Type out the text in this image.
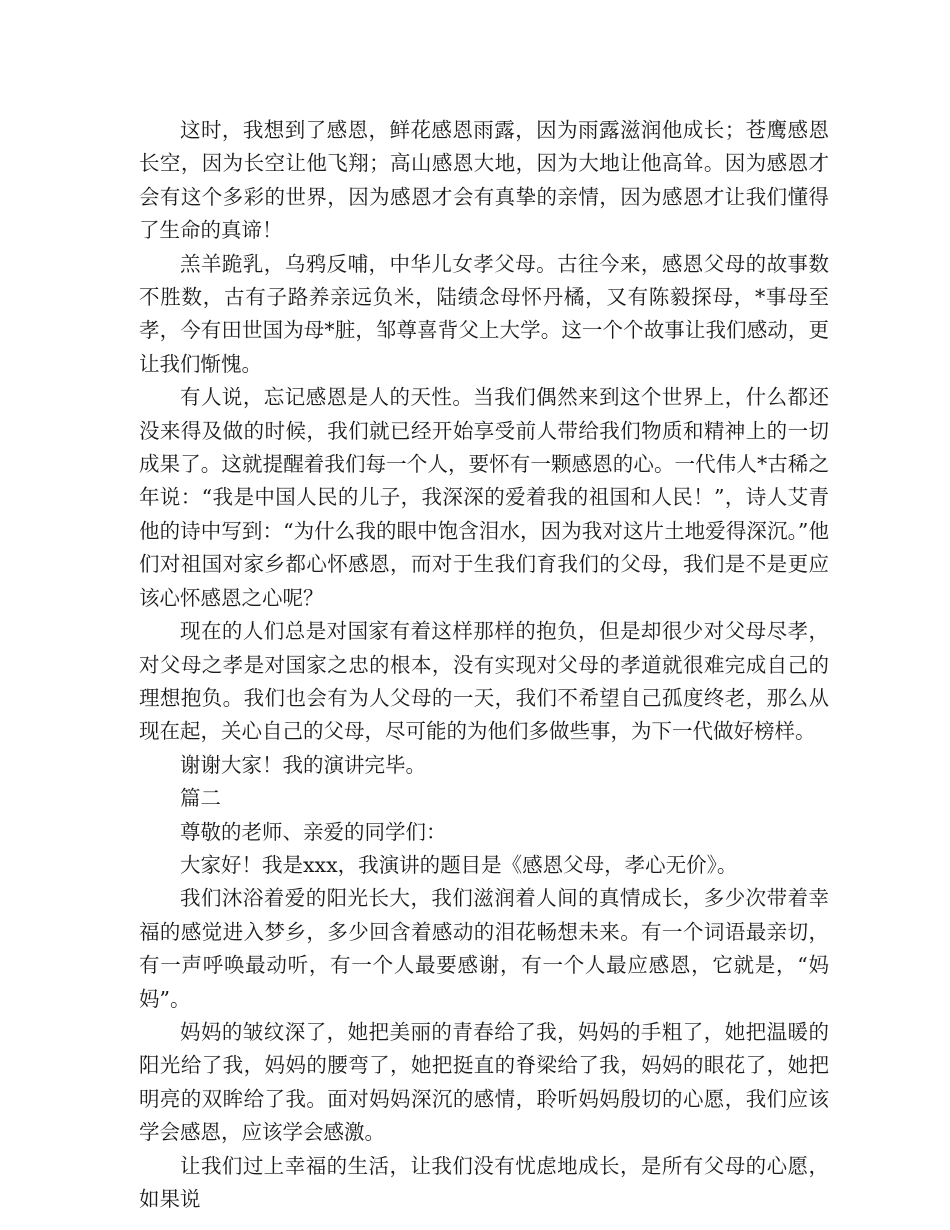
这时，我想到了感恩，鲜花感恩雨露，因为雨露滋润他成长；苍鹰感恩长空，因为长空让他飞翔；高山感恩大地，因为大地让他高耸。因为感恩才会有这个多彩的世界，因为感恩才会有真挚的亲情，因为感恩才让我们懂得了生命的真谛！

羔羊跪乳，乌鸦反哺，中华儿女孝父母。古往今来，感恩父母的故事数不胜数，古有子路养亲远负米，陆绩念母怀丹橘，又有陈毅探母，*事母至孝，今有田世国为母*脏，邹尊喜背父上大学。这一个个故事让我们感动，更让我们惭愧。

有人说，忘记感恩是人的天性。当我们偶然来到这个世界上，什么都还没来得及做的时候，我们就已经开始享受前人带给我们物质和精神上的一切成果了。这就提醒着我们每一个人，要怀有一颗感恩的心。一代伟人*古稀之年说：“我是中国人民的儿子，我深深的爱着我的祖国和人民！”，诗人艾青他的诗中写到：“为什么我的眼中饱含泪水，因为我对这片土地爱得深沉。”他们对祖国对家乡都心怀感恩，而对于生我们育我们的父母，我们是不是更应该心怀感恩之心呢？

现在的人们总是对国家有着这样那样的抱负，但是却很少对父母尽孝，对父母之孝是对国家之忠的根本，没有实现对父母的孝道就很难完成自己的理想抱负。我们也会有为人父母的一天，我们不希望自己孤度终老，那么从现在起，关心自己的父母，尽可能的为他们多做些事，为下一代做好榜样。

谢谢大家！我的演讲完毕。

篇二

尊敬的老师、亲爱的同学们：

大家好！我是xxx，我演讲的题目是《感恩父母，孝心无价》。

我们沐浴着爱的阳光长大，我们滋润着人间的真情成长，多少次带着幸福的感觉进入梦乡，多少回含着感动的泪花畅想未来。有一个词语最亲切，有一声呼唤最动听，有一个人最要感谢，有一个人最应感恩，它就是，“妈妈”。

妈妈的皱纹深了，她把美丽的青春给了我，妈妈的手粗了，她把温暖的阳光给了我，妈妈的腰弯了，她把挺直的脊梁给了我，妈妈的眼花了，她把明亮的双眸给了我。面对妈妈深沉的感情，聆听妈妈殷切的心愿，我们应该学会感恩，应该学会感激。

让我们过上幸福的生活，让我们没有忧虑地成长，是所有父母的心愿，如果说
